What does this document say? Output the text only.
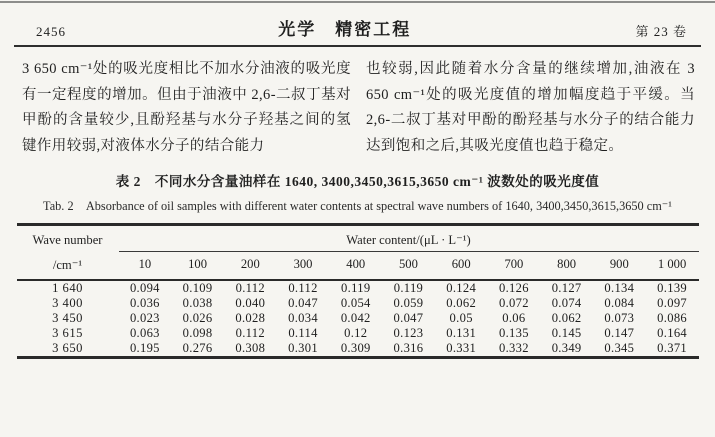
2456	光学　精密工程	第 23 卷

3 650 cm⁻¹处的吸光度相比不加水分油液的吸光度有一定程度的增加。但由于油液中 2,6-二叔丁基对甲酚的含量较少,且酚羟基与水分子羟基之间的氢键作用较弱,对液体水分子的结合能力

也较弱,因此随着水分含量的继续增加,油液在 3 650 cm⁻¹处的吸光度值的增加幅度趋于平缓。当 2,6-二叔丁基对甲酚的酚羟基与水分子的结合能力达到饱和之后,其吸光度值也趋于稳定。

表 2　不同水分含量油样在 1640, 3400,3450,3615,3650 cm⁻¹ 波数处的吸光度值
Tab. 2　Absorbance of oil samples with different water contents at spectral wave numbers of 1640, 3400,3450,3615,3650 cm⁻¹
Wave number	Water content/(μL · L⁻¹)										
/cm⁻¹	10	100	200	300	400	500	600	700	800	900	1 000
1 640	0.094	0.109	0.112	0.112	0.119	0.119	0.124	0.126	0.127	0.134	0.139
3 400	0.036	0.038	0.040	0.047	0.054	0.059	0.062	0.072	0.074	0.084	0.097
3 450	0.023	0.026	0.028	0.034	0.042	0.047	0.05	0.06	0.062	0.073	0.086
3 615	0.063	0.098	0.112	0.114	0.12	0.123	0.131	0.135	0.145	0.147	0.164
3 650	0.195	0.276	0.308	0.301	0.309	0.316	0.331	0.332	0.349	0.345	0.371
